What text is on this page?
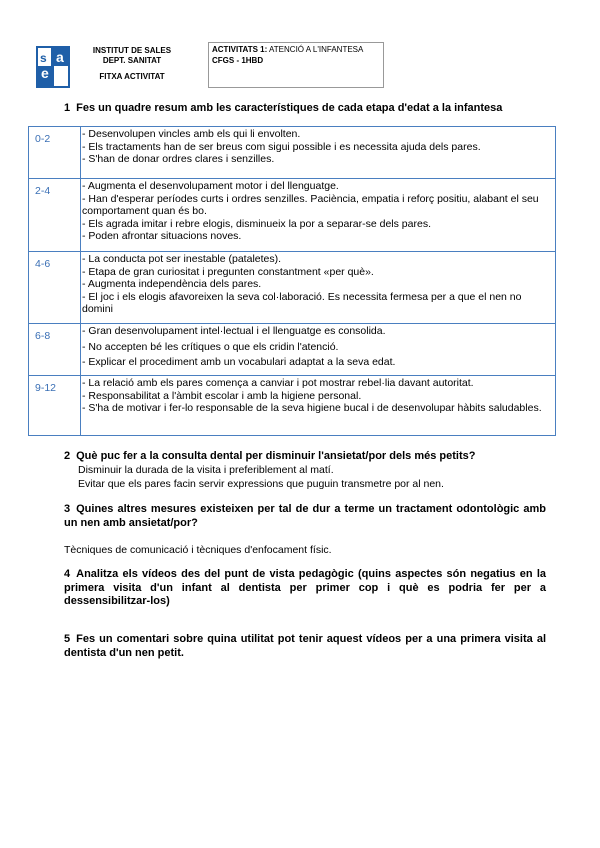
e
s a	INSTITUT DE SALES
DEPT. SANITAT
FITXA ACTIVITAT
ACTIVITATS 1: ATENCIÓ A L'INFANTESA
CFGS - 1HBD
1 Fes un quadre resum amb les característiques de cada etapa d'edat a la infantesa
0-2	- Desenvolupen vincles amb els qui li envolten.
- Els tractaments han de ser breus com sigui possible i es necessita ajuda dels pares.
- S'han de donar ordres clares i senzilles.

2-4	- Augmenta el desenvolupament motor i del llenguatge.
- Han d'esperar períodes curts i ordres senzilles. Paciència, empatia i reforç positiu, alabant el seu comportament quan és bo.
- Els agrada imitar i rebre elogis, disminueix la por a separar-se dels pares.
- Poden afrontar situacions noves.

4-6	- La conducta pot ser inestable (pataletes).
- Etapa de gran curiositat i pregunten constantment «per què».
- Augmenta independència dels pares.
- El joc i els elogis afavoreixen la seva col·laboració. Es necessita fermesa per a que el nen no domini

6-8	- Gran desenvolupament intel·lectual i el llenguatge es consolida.
- No accepten bé les crítiques o que els cridin l'atenció.
- Explicar el procediment amb un vocabulari adaptat a la seva edat.

9-12	- La relació amb els pares comença a canviar i pot mostrar rebel·lia davant autoritat.
- Responsabilitat a l'àmbit escolar i amb la higiene personal.
- S'ha de motivar i fer-lo responsable de la seva higiene bucal i de desenvolupar hàbits saludables.
2 Què puc fer a la consulta dental per disminuir l'ansietat/por dels més petits?
Disminuir la durada de la visita i preferiblement al matí.
Evitar que els pares facin servir expressions que puguin transmetre por al nen.
3 Quines altres mesures existeixen per tal de dur a terme un tractament odontològic amb un nen amb ansietat/por?
Tècniques de comunicació i tècniques d'enfocament físic.
4 Analitza els vídeos des del punt de vista pedagògic (quins aspectes són negatius en la primera visita d'un infant al dentista per primer cop i què es podria fer per a dessensibilitzar-los)
5 Fes un comentari sobre quina utilitat pot tenir aquest vídeos per a una primera visita al dentista d'un nen petit.
